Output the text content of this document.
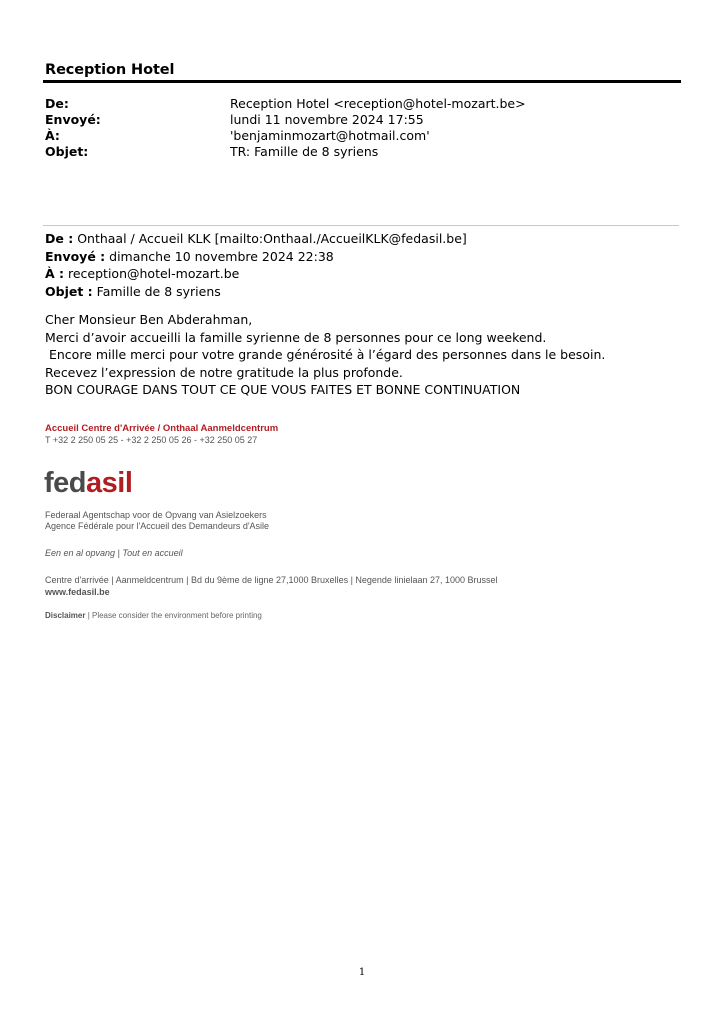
Reception Hotel
De:	Reception Hotel <reception@hotel-mozart.be>
Envoyé:	lundi 11 novembre 2024 17:55
À:	'benjaminmozart@hotmail.com'
Objet:	TR: Famille de 8 syriens
De : Onthaal / Accueil KLK [mailto:Onthaal./AccueilKLK@fedasil.be]
Envoyé : dimanche 10 novembre 2024 22:38
À : reception@hotel-mozart.be
Objet : Famille de 8 syriens
Cher Monsieur Ben Abderahman,
Merci d’avoir accueilli la famille syrienne de 8 personnes pour ce long weekend.
Encore mille merci pour votre grande générosité à l’égard des personnes dans le besoin.
Recevez l’expression de notre gratitude la plus profonde.
BON COURAGE DANS TOUT CE QUE VOUS FAITES ET BONNE CONTINUATION
Accueil Centre d'Arrivée / Onthaal Aanmeldcentrum
T +32 2 250 05 25 - +32 2 250 05 26 - +32 250 05 27
fedasil
Federaal Agentschap voor de Opvang van Asielzoekers
Agence Fédérale pour l'Accueil des Demandeurs d'Asile
Een en al opvang | Tout en accueil
Centre d'arrivée | Aanmeldcentrum | Bd du 9ème de ligne 27,1000 Bruxelles | Negende linielaan 27, 1000 Brussel
www.fedasil.be
Disclaimer | Please consider the environment before printing
1
